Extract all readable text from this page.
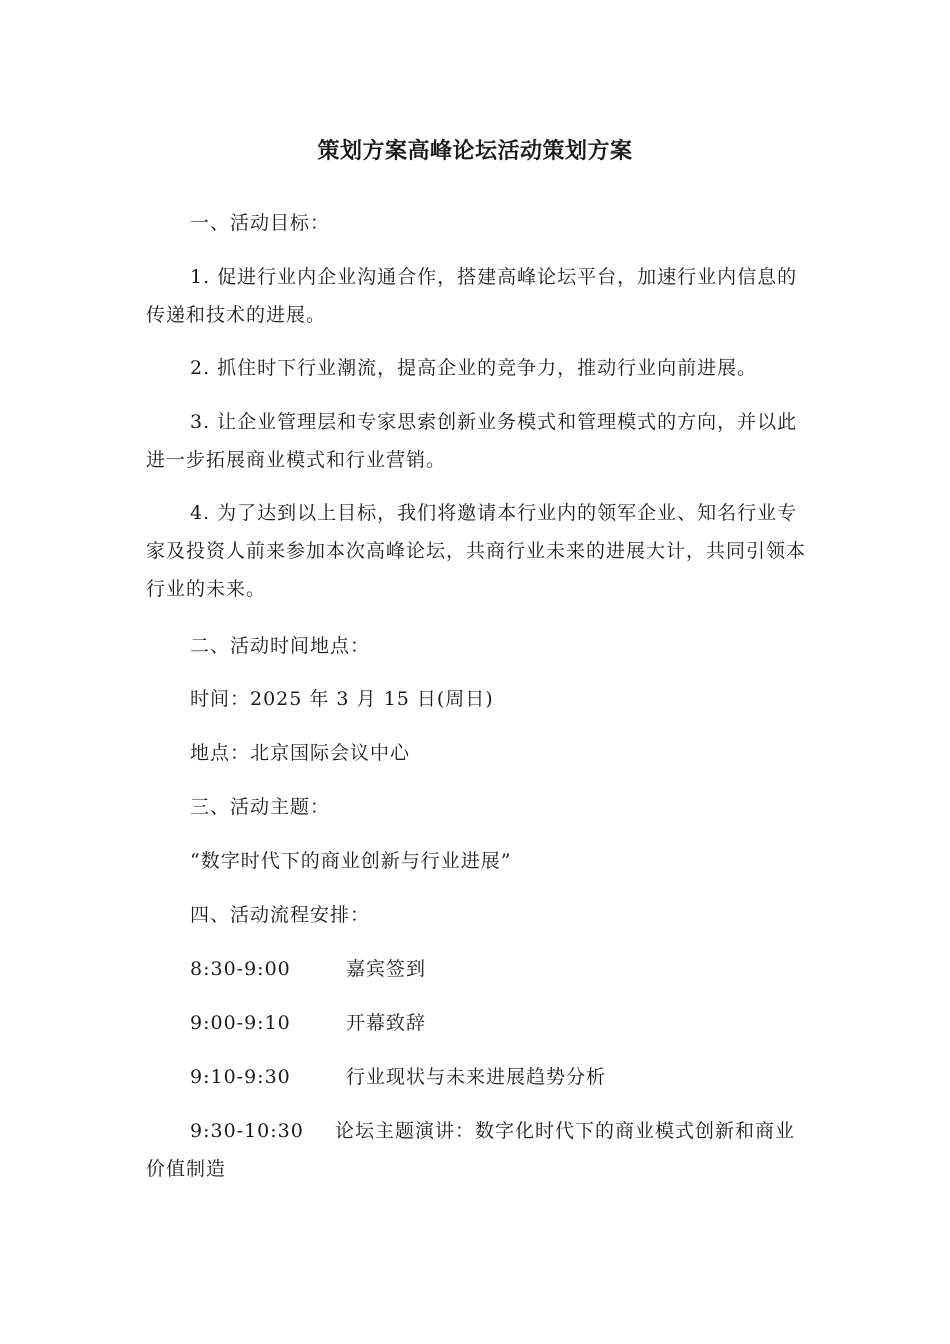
策划方案高峰论坛活动策划方案

一、活动目标：

1. 促进行业内企业沟通合作，搭建高峰论坛平台，加速行业内信息的传递和技术的进展。

2. 抓住时下行业潮流，提高企业的竞争力，推动行业向前进展。

3. 让企业管理层和专家思索创新业务模式和管理模式的方向，并以此进一步拓展商业模式和行业营销。

4. 为了达到以上目标，我们将邀请本行业内的领军企业、知名行业专家及投资人前来参加本次高峰论坛，共商行业未来的进展大计，共同引领本行业的未来。

二、活动时间地点：

时间：2025 年 3 月 15 日(周日)

地点：北京国际会议中心

三、活动主题：

“数字时代下的商业创新与行业进展”

四、活动流程安排：

8:30-9:00	嘉宾签到
9:00-9:10	开幕致辞
9:10-9:30	行业现状与未来进展趋势分析
9:30-10:30 论坛主题演讲：数字化时代下的商业模式创新和商业价值制造
